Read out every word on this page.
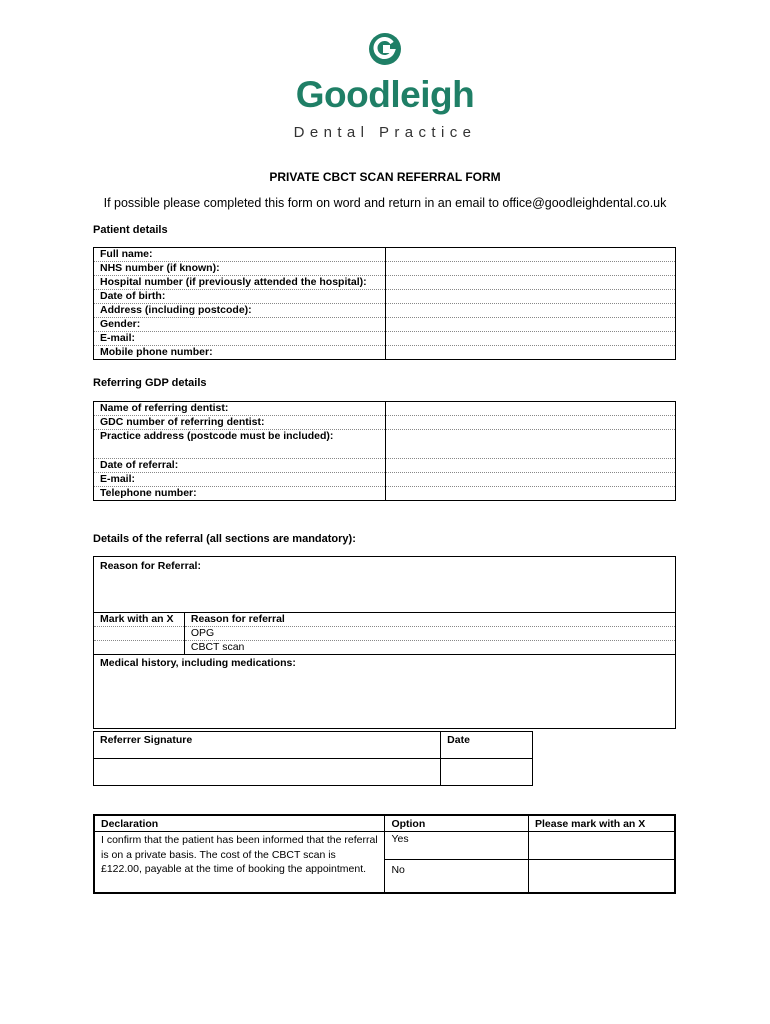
Goodleigh
Dental Practice
PRIVATE CBCT SCAN REFERRAL FORM
If possible please completed this form on word and return in an email to office@goodleighdental.co.uk
Patient details
Full name:	
NHS number (if known):	
Hospital number (if previously attended the hospital):	
Date of birth:	
Address (including postcode):	
Gender:	
E-mail:	
Mobile phone number:	
Referring GDP details
Name of referring dentist:	
GDC number of referring dentist:	
Practice address (postcode must be included):	
Date of referral:	
E-mail:	
Telephone number:	
Details of the referral (all sections are mandatory):
Reason for Referral:	
Mark with an X	Reason for referral
	OPG
	CBCT scan
Medical history, including medications:	
Referrer Signature	Date

Declaration	Option	Please mark with an X
I confirm that the patient has been informed that the referral is on a private basis. The cost of the CBCT scan is £122.00, payable at the time of booking the appointment.	Yes	
	No	
